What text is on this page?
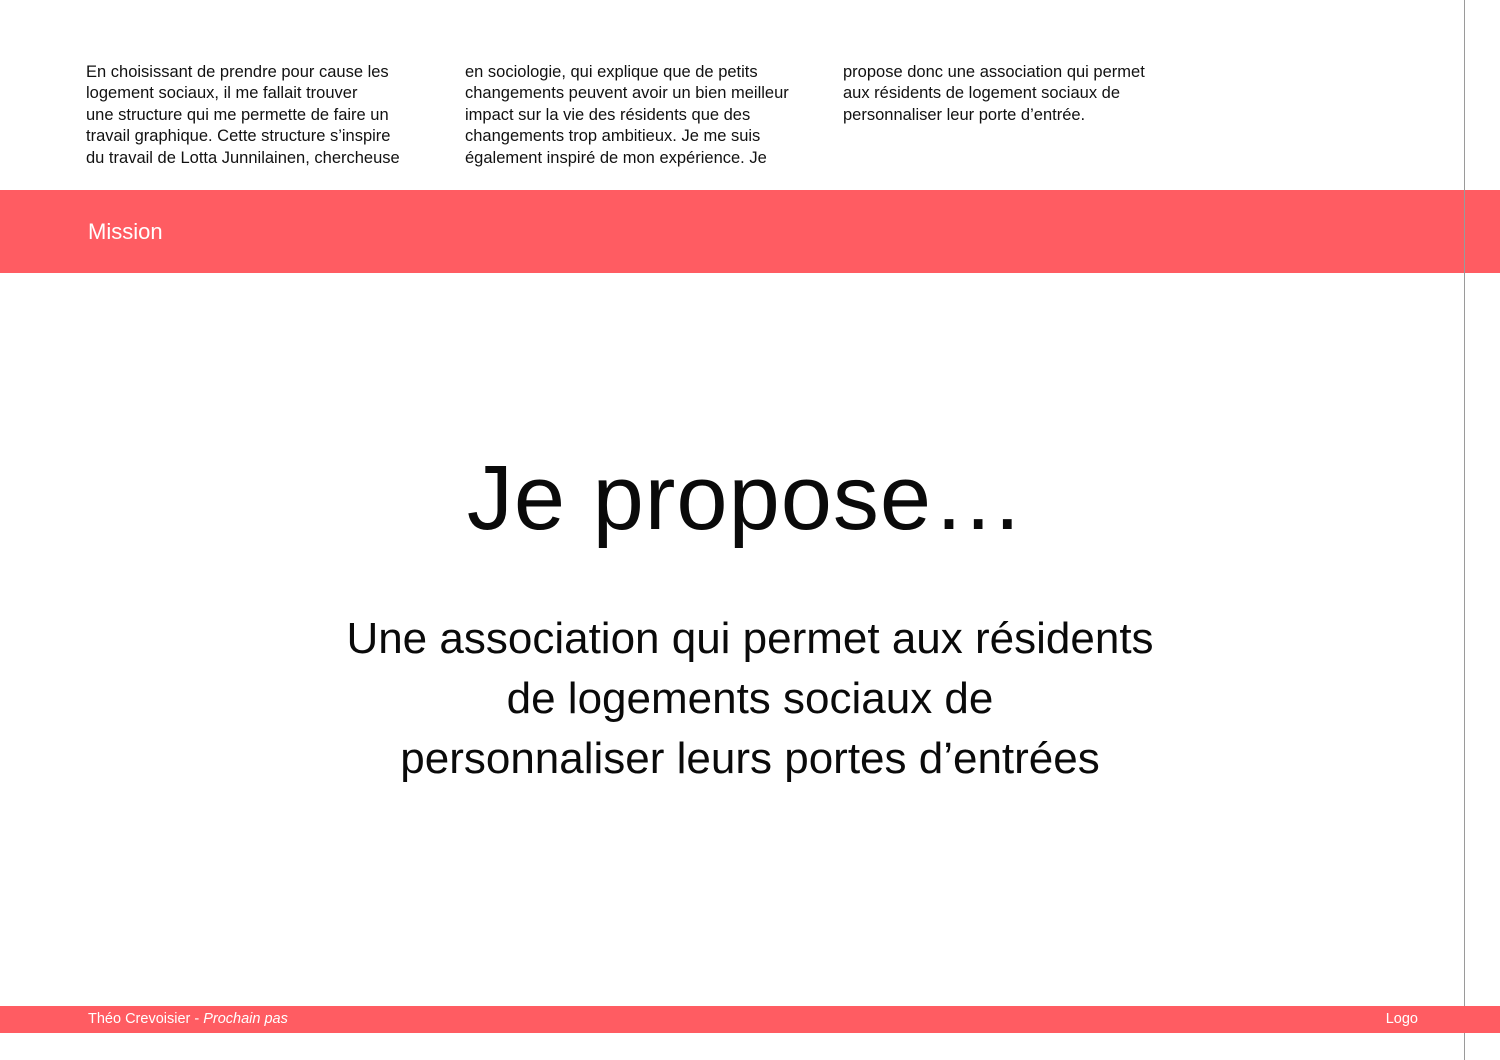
En choisissant de prendre pour cause les
logement sociaux, il me fallait trouver
une structure qui me permette de faire un
travail graphique. Cette structure s’inspire
du travail de Lotta Junnilainen, chercheuse
en sociologie, qui explique que de petits
changements peuvent avoir un bien meilleur
impact sur la vie des résidents que des
changements trop ambitieux. Je me suis
également inspiré de mon expérience. Je
propose donc une association qui permet
aux résidents de logement sociaux de
personnaliser leur porte d’entrée.
Mission
Je propose…
Une association qui permet aux résidents
de logements sociaux de
personnaliser leurs portes d’entrées
Théo Crevoisier - Prochain pas	Logo
